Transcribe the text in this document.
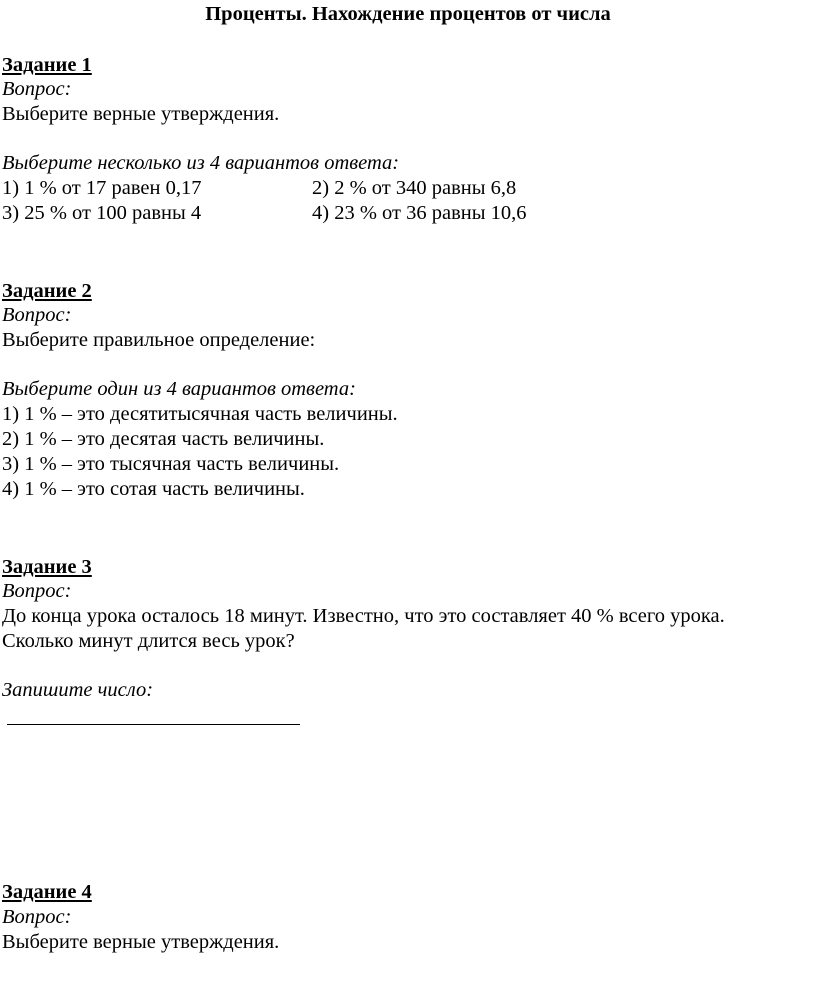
Проценты. Нахождение процентов от числа
Задание 1
Вопрос:
Выберите верные утверждения.
Выберите несколько из 4 вариантов ответа:
1) 1 % от 17 равен 0,17	2) 2 % от 340 равны 6,8
3) 25 % от 100 равны 4	4) 23 % от 36 равны 10,6
Задание 2
Вопрос:
Выберите правильное определение:
Выберите один из 4 вариантов ответа:
1) 1 % – это десятитысячная часть величины.
2) 1 % – это десятая часть величины.
3) 1 % – это тысячная часть величины.
4) 1 % – это сотая часть величины.
Задание 3
Вопрос:
До конца урока осталось 18 минут. Известно, что это составляет 40 % всего урока.
Сколько минут длится весь урок?
Запишите число:
Задание 4
Вопрос:
Выберите верные утверждения.
